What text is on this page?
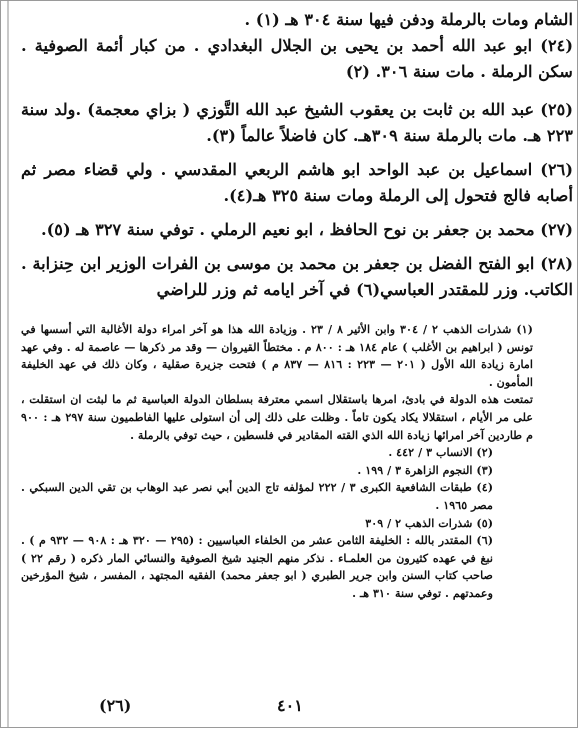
الشام ومات بالرملة ودفن فيها سنة ٣٠٤ هـ (١) .

(٢٤) ابو عبد الله أحمد بن يحيى بن الجلال البغدادي . من كبار أئمة الصوفية . سكن الرملة . مات سنة ٣٠٦. (٢)

(٢٥) عبد الله بن ثابت بن يعقوب الشيخ عبد الله التَّوزي ( بزاي معجمة) .ولد سنة ٢٢٣ هـ. مات بالرملة سنة ٣٠٩هـ. كان فاضلاً عالماً (٣).

(٢٦) اسماعيل بن عبد الواحد ابو هاشم الربعي المقدسي . ولي قضاء مصر ثم أصابه فالج فتحول إلى الرملة ومات سنة ٣٢٥ هـ(٤).

(٢٧) محمد بن جعفر بن نوح الحافظ ، ابو نعيم الرملي . توفي سنة ٣٢٧ هـ (٥).

(٢٨) ابو الفتح الفضل بن جعفر بن محمد بن موسى بن الفرات الوزير ابن حِنزابة . الكاتب. وزر للمقتدر العباسي(٦) في آخر ايامه ثم وزر للراضي

(١) شذرات الذهب ٢ / ٣٠٤ وابن الأثير ٨ / ٢٣ . وزيادة الله هذا هو آخر امراء دولة الأغالبة التي أسسها في تونس ( ابراهيم بن الأغلب ) عام ١٨٤ هـ : ٨٠٠ م . مختطاً القيروان — وقد مر ذكرها — عاصمة له . وفي عهد امارة زيادة الله الأول ( ٢٠١ — ٢٢٣ : ٨١٦ — ٨٣٧ م ) فتحت جزيرة صقلية ، وكان ذلك في عهد الخليفة المأمون .

تمتعت هذه الدولة في بادئ، امرها باستقلال اسمي معترفة بسلطان الدولة العباسية ثم ما لبثت ان استقلت ، على مر الأيام ، استقلالا يكاد يكون تاماً . وظلت على ذلك إلى أن استولى عليها الفاطميون سنة ٢٩٧ هـ : ٩٠٠ م طاردين آخر امرائها زيادة الله الذي القته المقادير في فلسطين ، حيث توفي بالرملة .

(٢) الانساب ٣ / ٤٤٢ .

(٣) النجوم الزاهرة ٣ / ١٩٩ .

(٤) طبقات الشافعية الكبرى ٣ / ٢٢٢ لمؤلفه تاج الدين أبي نصر عبد الوهاب بن تقي الدين السبكي . مصر ١٩٦٥ .

(٥) شذرات الذهب ٢ / ٣٠٩

(٦) المقتدر بالله : الخليفة الثامن عشر من الخلفاء العباسيين : (٢٩٥ — ٣٢٠ هـ : ٩٠٨ — ٩٣٢ م ) . نبغ في عهده كثيرون من العلمـاء . نذكر منهم الجنيد شيخ الصوفية والنسائي المار ذكره ( رقم ٢٢ ) صاحب كتاب السنن وابن جرير الطبري ( ابو جعفر محمد) الفقيه المجتهد ، المفسر ، شيخ المؤرخين وعمدتهم . توفي سنة ٣١٠ هـ .

٤٠١
(٢٦)
